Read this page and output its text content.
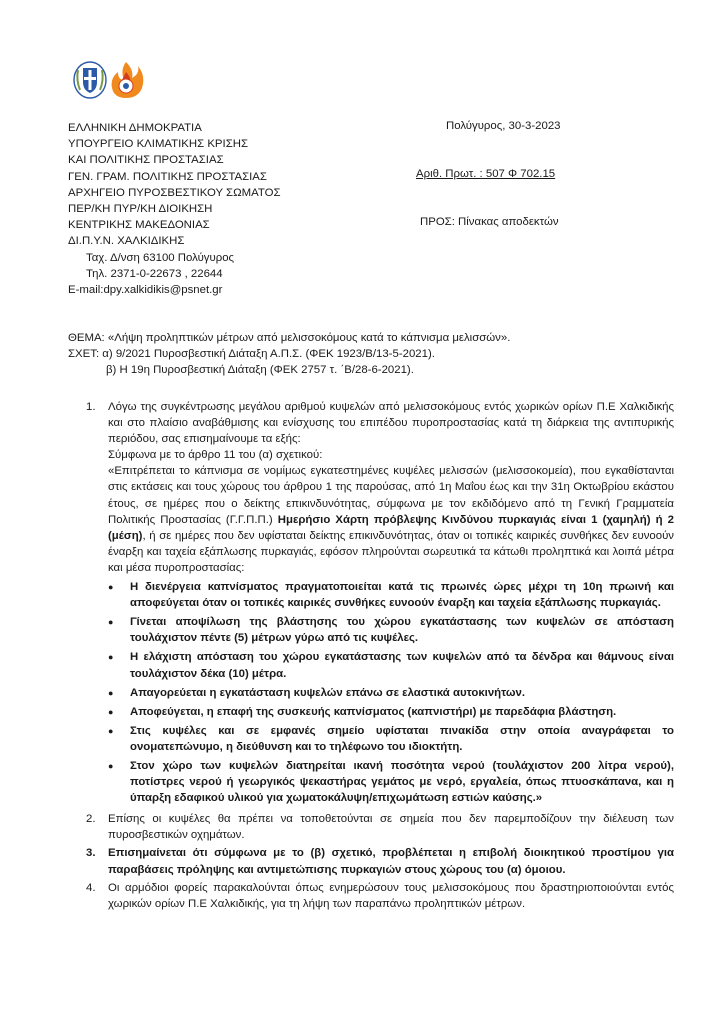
ΕΛΛΗΝΙΚΗ ΔΗΜΟΚΡΑΤΙΑ
ΥΠΟΥΡΓΕΙΟ ΚΛΙΜΑΤΙΚΗΣ ΚΡΙΣΗΣ
ΚΑΙ ΠΟΛΙΤΙΚΗΣ ΠΡΟΣΤΑΣΙΑΣ
ΓΕΝ. ΓΡΑΜ. ΠΟΛΙΤΙΚΗΣ ΠΡΟΣΤΑΣΙΑΣ
ΑΡΧΗΓΕΙΟ ΠΥΡΟΣΒΕΣΤΙΚΟΥ ΣΩΜΑΤΟΣ
ΠΕΡ/ΚΗ ΠΥΡ/ΚΗ ΔΙΟΙΚΗΣΗ
ΚΕΝΤΡΙΚΗΣ ΜΑΚΕΔΟΝΙΑΣ
ΔΙ.Π.Υ.Ν. ΧΑΛΚΙΔΙΚΗΣ
Ταχ. Δ/νση 63100 Πολύγυρος
Τηλ. 2371-0-22673 , 22644
E-mail:dpy.xalkidikis@psnet.gr
Πολύγυρος, 30-3-2023
Αριθ. Πρωτ. : 507 Φ 702.15
ΠΡΟΣ: Πίνακας αποδεκτών
ΘΕΜΑ: «Λήψη προληπτικών μέτρων από μελισσοκόμους κατά το κάπνισμα μελισσών».
ΣΧΕΤ: α) 9/2021 Πυροσβεστική Διάταξη Α.Π.Σ. (ΦΕΚ 1923/Β/13-5-2021).
β) Η 19η Πυροσβεστική Διάταξη (ΦΕΚ 2757 τ. ΄Β/28-6-2021).
1.	Λόγω της συγκέντρωσης μεγάλου αριθμού κυψελών από μελισσοκόμους εντός χωρικών ορίων Π.Ε Χαλκιδικής και στο πλαίσιο αναβάθμισης και ενίσχυσης του επιπέδου πυροπροστασίας κατά τη διάρκεια της αντιπυρικής περιόδου, σας επισημαίνουμε τα εξής:
Σύμφωνα με το άρθρο 11 του (α) σχετικού:
«Επιτρέπεται το κάπνισμα σε νομίμως εγκατεστημένες κυψέλες μελισσών (μελισσοκομεία), που εγκαθίστανται στις εκτάσεις και τους χώρους του άρθρου 1 της παρούσας, από 1η Μαΐου έως και την 31η Οκτωβρίου εκάστου έτους, σε ημέρες που ο δείκτης επικινδυνότητας, σύμφωνα με τον εκδιδόμενο από τη Γενική Γραμματεία Πολιτικής Προστασίας (Γ.Γ.Π.Π.) Ημερήσιο Χάρτη πρόβλεψης Κινδύνου πυρκαγιάς είναι 1 (χαμηλή) ή 2 (μέση), ή σε ημέρες που δεν υφίσταται δείκτης επικινδυνότητας, όταν οι τοπικές καιρικές συνθήκες δεν ευνοούν έναρξη και ταχεία εξάπλωσης πυρκαγιάς, εφόσον πληρούνται σωρευτικά τα κάτωθι προληπτικά και λοιπά μέτρα και μέσα πυροπροστασίας:
●	Η διενέργεια καπνίσματος πραγματοποιείται κατά τις πρωινές ώρες μέχρι τη 10η πρωινή και αποφεύγεται όταν οι τοπικές καιρικές συνθήκες ευνοούν έναρξη και ταχεία εξάπλωσης πυρκαγιάς.
●	Γίνεται αποψίλωση της βλάστησης του χώρου εγκατάστασης των κυψελών σε απόσταση τουλάχιστον πέντε (5) μέτρων γύρω από τις κυψέλες.
●	Η ελάχιστη απόσταση του χώρου εγκατάστασης των κυψελών από τα δένδρα και θάμνους είναι τουλάχιστον δέκα (10) μέτρα.
●	Απαγορεύεται η εγκατάσταση κυψελών επάνω σε ελαστικά αυτοκινήτων.
●	Αποφεύγεται, η επαφή της συσκευής καπνίσματος (καπνιστήρι) με παρεδάφια βλάστηση.
●	Στις κυψέλες και σε εμφανές σημείο υφίσταται πινακίδα στην οποία αναγράφεται το ονοματεπώνυμο, η διεύθυνση και το τηλέφωνο του ιδιοκτήτη.
●	Στον χώρο των κυψελών διατηρείται ικανή ποσότητα νερού (τουλάχιστον 200 λίτρα νερού), ποτίστρες νερού ή γεωργικός ψεκαστήρας γεμάτος με νερό, εργαλεία, όπως πτυοσκάπανα, και η ύπαρξη εδαφικού υλικού για χωματοκάλυψη/επιχωμάτωση εστιών καύσης.»
2.	Επίσης οι κυψέλες θα πρέπει να τοποθετούνται σε σημεία που δεν παρεμποδίζουν την διέλευση των πυροσβεστικών οχημάτων.
3.	Επισημαίνεται ότι σύμφωνα με το (β) σχετικό, προβλέπεται η επιβολή διοικητικού προστίμου για παραβάσεις πρόληψης και αντιμετώπισης πυρκαγιών στους χώρους του (α) όμοιου.
4.	Οι αρμόδιοι φορείς παρακαλούνται όπως ενημερώσουν τους μελισσοκόμους που δραστηριοποιούνται εντός χωρικών ορίων Π.Ε Χαλκιδικής, για τη λήψη των παραπάνω προληπτικών μέτρων.
